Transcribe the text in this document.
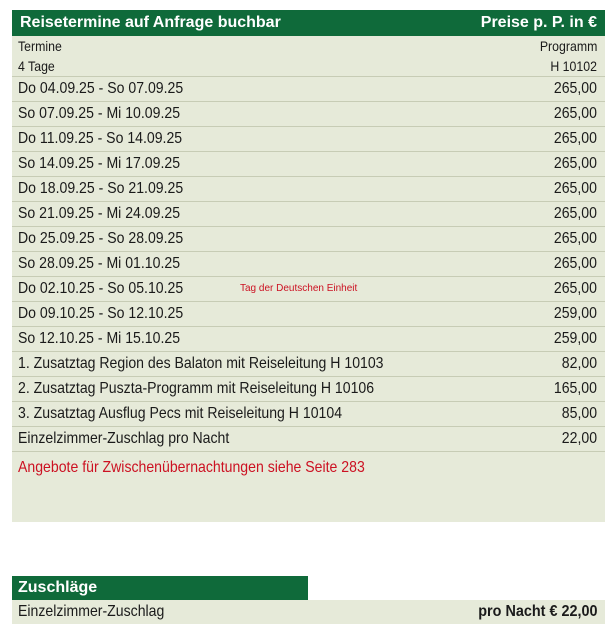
Reisetermine auf Anfrage buchbar	Preise p. P. in €
Termine	Programm
4 Tage	H 10102
Do 04.09.25 - So 07.09.25	265,00
So 07.09.25 - Mi 10.09.25	265,00
Do 11.09.25 - So 14.09.25	265,00
So 14.09.25 - Mi 17.09.25	265,00
Do 18.09.25 - So 21.09.25	265,00
So 21.09.25 - Mi 24.09.25	265,00
Do 25.09.25 - So 28.09.25	265,00
So 28.09.25 - Mi 01.10.25	265,00
Do 02.10.25 - So 05.10.25	Tag der Deutschen Einheit	265,00
Do 09.10.25 - So 12.10.25	259,00
So 12.10.25 - Mi 15.10.25	259,00
1. Zusatztag Region des Balaton mit Reiseleitung H 10103	82,00
2. Zusatztag Puszta-Programm mit Reiseleitung H 10106	165,00
3. Zusatztag Ausflug Pecs mit Reiseleitung H 10104	85,00
Einzelzimmer-Zuschlag pro Nacht	22,00
Angebote für Zwischenübernachtungen siehe Seite 283
Zuschläge
Einzelzimmer-Zuschlag	pro Nacht € 22,00
